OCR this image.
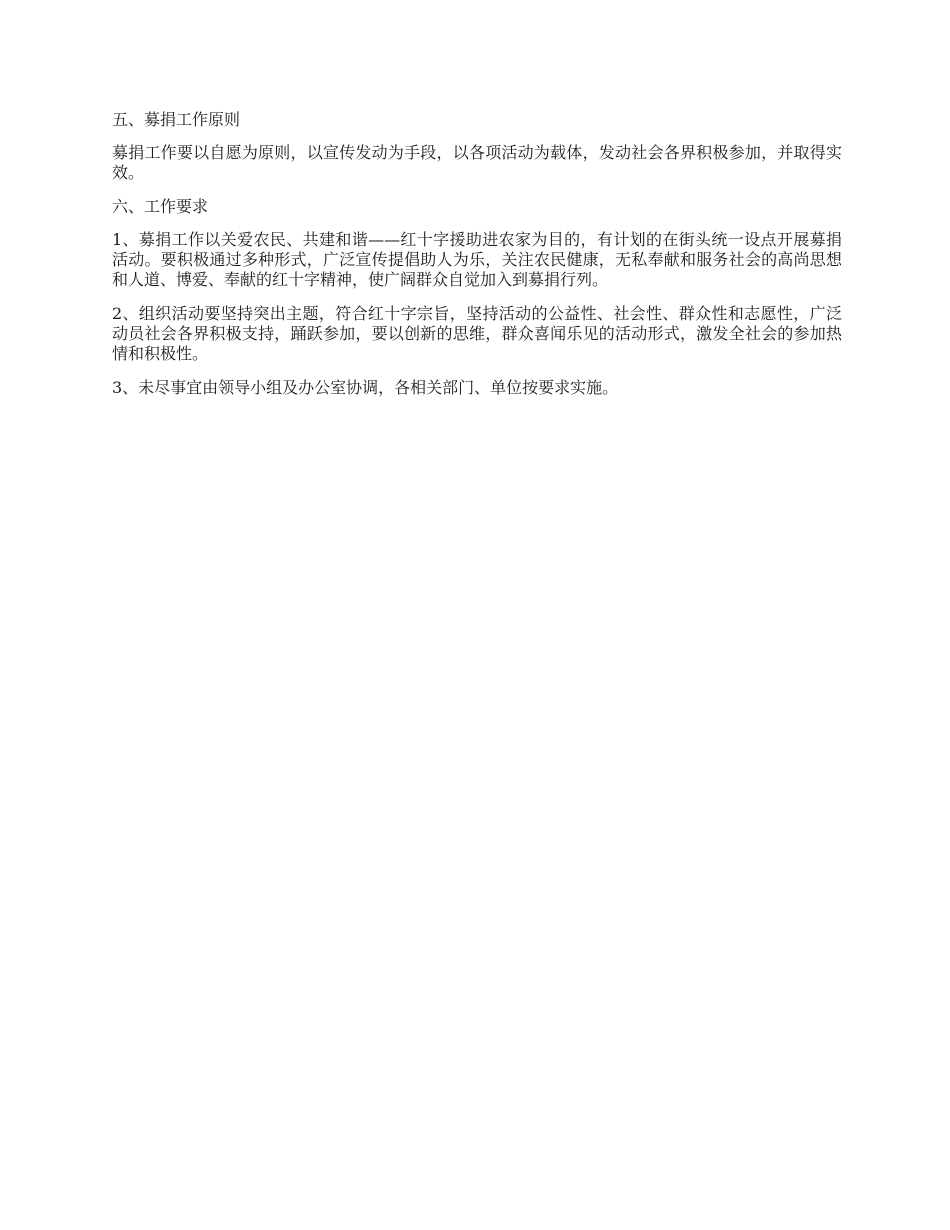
五、募捐工作原则

募捐工作要以自愿为原则，以宣传发动为手段，以各项活动为载体，发动社会各界积极参加，并取得实效。

六、工作要求

1、募捐工作以关爱农民、共建和谐——红十字援助进农家为目的，有计划的在街头统一设点开展募捐活动。要积极通过多种形式，广泛宣传提倡助人为乐，关注农民健康，无私奉献和服务社会的高尚思想和人道、博爱、奉献的红十字精神，使广阔群众自觉加入到募捐行列。

2、组织活动要坚持突出主题，符合红十字宗旨，坚持活动的公益性、社会性、群众性和志愿性，广泛动员社会各界积极支持，踊跃参加，要以创新的思维，群众喜闻乐见的活动形式，激发全社会的参加热情和积极性。

3、未尽事宜由领导小组及办公室协调，各相关部门、单位按要求实施。
